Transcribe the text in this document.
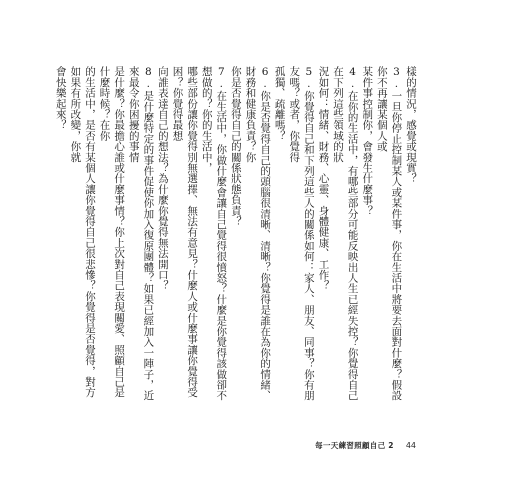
樣的情況，感覺或現實？

3.一旦你停止控制某人或某件事，你在生活中將要去面對什麼？假設你不再讓某個人或
某件事控制你，會發生什麼事？

4.在你的生活中，有哪些部分可能反映出人生已經失控？你覺得自己在下列這些領域的狀
況如何：情緒、財務、心靈、身體健康、工作？

5.你覺得自己和下列這些人的關係如何：家人、朋友、同事？你有朋友嗎？或者，你覺得
孤獨、疏離嗎？

6.你是否覺得自己的頭腦很清晰、清晰？你覺得是誰在為你的情緒、財務和健康負責？你
你是否覺得自己的關係狀態負責？

7.在生活中，你做什麼會讓自己覺得很憤怒？什麼是你覺得該做卻不想做的？你的生活中，
哪些部份讓你覺得別無選擇、無法有意見？什麼人或什麼事讓你覺得受困？你覺得最想
向誰表達自己的想法？為什麼你覺得無法開口？

8.是什麼特定的事件促使你加入復原團體？如果已經加入一陣子，近來最令你困擾的事情
是什麼？你最擔心誰或什麼事情？你上次對自己表現關愛、照顧自己是什麼時候？在你
的生活中，是否有某個人讓你覺得自己很悲慘？你覺得是否覺得，對方如果有所改變，你就
會快樂起來？

每一天練習照顧自己 2 44
